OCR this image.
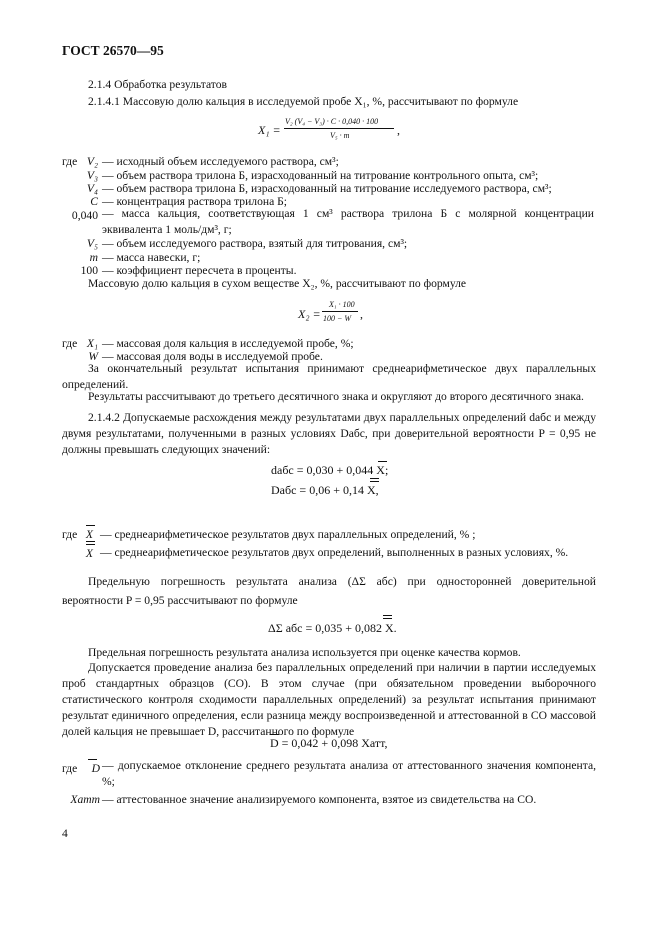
ГОСТ 26570—95
2.1.4 Обработка результатов
2.1.4.1 Массовую долю кальция в исследуемой пробе X₁, %, рассчитывают по формуле
X₁ =
V₂ (V₄ − V₃) · C · 0,040 · 100
V₅ · m	,
где V₂ — исходный объем исследуемого раствора, см³;
V₃ — объем раствора трилона Б, израсходованный на титрование контрольного опыта, см³;
V₄ — объем раствора трилона Б, израсходованный на титрование исследуемого раствора, см³;
C — концентрация раствора трилона Б;
0,040 — масса кальция, соответствующая 1 см³ раствора трилона Б с молярной концентрации эквивалента 1 моль/дм³, г;
V₅ — объем исследуемого раствора, взятый для титрования, см³;
m — масса навески, г;
100 — коэффициент пересчета в проценты.
Массовую долю кальция в сухом веществе X₂, %, рассчитывают по формуле
X₂ =
X₁ · 100
100 − W ,
где X₁ — массовая доля кальция в исследуемой пробе, %;
W — массовая доля воды в исследуемой пробе.
За окончательный результат испытания принимают среднеарифметическое двух параллельных определений.
Результаты рассчитывают до третьего десятичного знака и округляют до второго десятичного знака.
2.1.4.2 Допускаемые расхождения между результатами двух параллельных определений dабс и между двумя результатами, полученными в разных условиях Dабс, при доверительной вероятности P = 0,95 не должны превышать следующих значений:
dабс = 0,030 + 0,044 X;
Dабс = 0,06 + 0,14 X,
где X — среднеарифметическое результатов двух параллельных определений, % ;
X — среднеарифметическое результатов двух определений, выполненных в разных условиях, %.
Предельную погрешность результата анализа (ΔΣ абс) при односторонней доверительной вероятности P = 0,95 рассчитывают по формуле
ΔΣ абс = 0,035 + 0,082 X.
Предельная погрешность результата анализа используется при оценке качества кормов.
Допускается проведение анализа без параллельных определений при наличии в партии исследуемых проб стандартных образцов (СО). В этом случае (при обязательном проведении выборочного статистического контроля сходимости параллельных определений) за результат испытания принимают результат единичного определения, если разница между воспроизведенной и аттестованной в СО массовой долей кальция не превышает D, рассчитанного по формуле
D = 0,042 + 0,098 Xатт,
где D — допускаемое отклонение среднего результата анализа от аттестованного значения компонента, %;
Xатт — аттестованное значение анализируемого компонента, взятое из свидетельства на СО.
4
